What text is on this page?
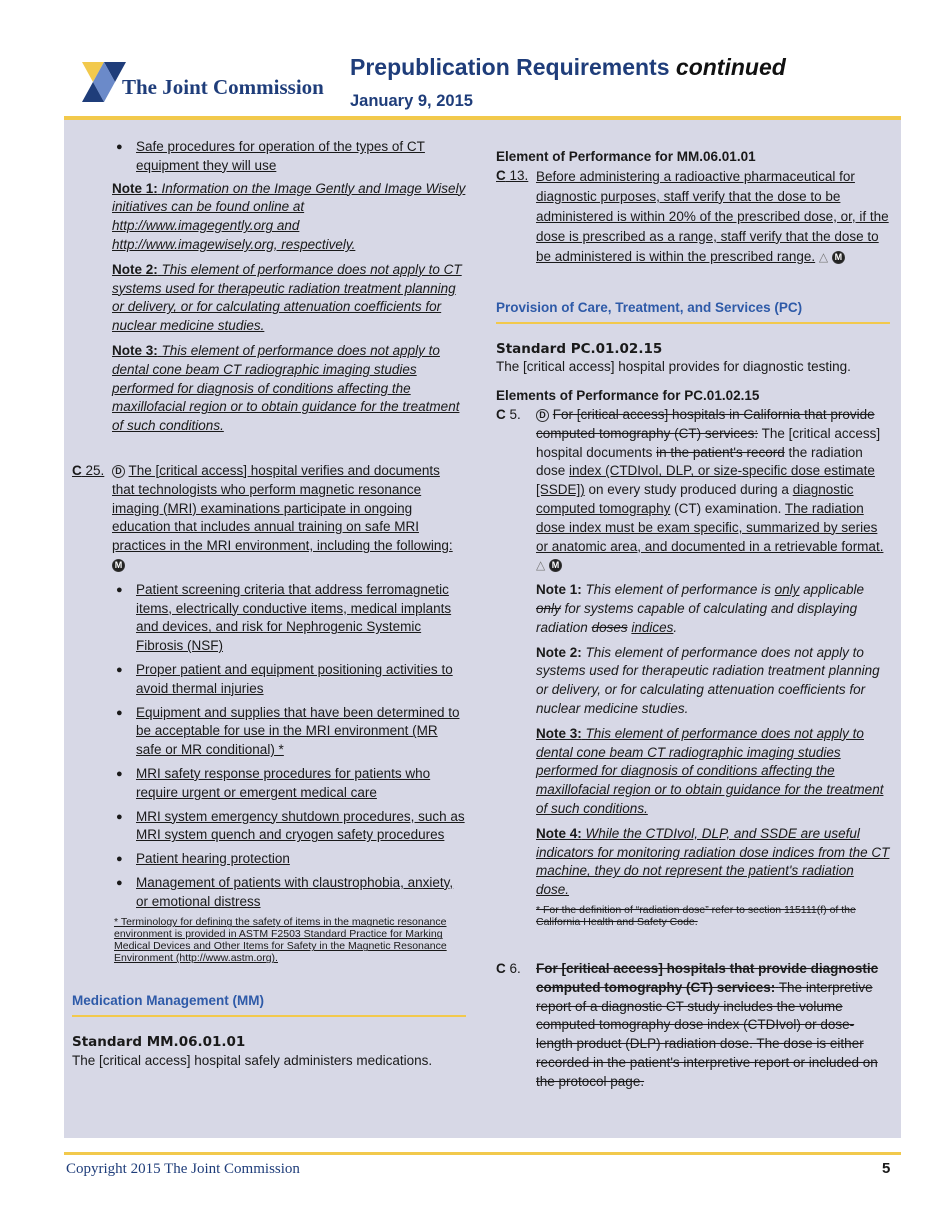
The Joint Commission
Prepublication Requirements continued
January 9, 2015
● Safe procedures for operation of the types of CT equipment they will use
Note 1: Information on the Image Gently and Image Wisely initiatives can be found online at http://www.imagegently.org and http://www.imagewisely.org, respectively.
Note 2: This element of performance does not apply to CT systems used for therapeutic radiation treatment planning or delivery, or for calculating attenuation coefficients for nuclear medicine studies.
Note 3: This element of performance does not apply to dental cone beam CT radiographic imaging studies performed for diagnosis of conditions affecting the maxillofacial region or to obtain guidance for the treatment of such conditions.
C 25. D The [critical access] hospital verifies and documents that technologists who perform magnetic resonance imaging (MRI) examinations participate in ongoing education that includes annual training on safe MRI practices in the MRI environment, including the following: M
● Patient screening criteria that address ferromagnetic items, electrically conductive items, medical implants and devices, and risk for Nephrogenic Systemic Fibrosis (NSF)
● Proper patient and equipment positioning activities to avoid thermal injuries
● Equipment and supplies that have been determined to be acceptable for use in the MRI environment (MR safe or MR conditional) *
● MRI safety response procedures for patients who require urgent or emergent medical care
● MRI system emergency shutdown procedures, such as MRI system quench and cryogen safety procedures
● Patient hearing protection
● Management of patients with claustrophobia, anxiety, or emotional distress
* Terminology for defining the safety of items in the magnetic resonance environment is provided in ASTM F2503 Standard Practice for Marking Medical Devices and Other Items for Safety in the Magnetic Resonance Environment (http://www.astm.org).
Medication Management (MM)
Standard MM.06.01.01
The [critical access] hospital safely administers medications.
Element of Performance for MM.06.01.01
C 13. Before administering a radioactive pharmaceutical for diagnostic purposes, staff verify that the dose to be administered is within 20% of the prescribed dose, or, if the dose is prescribed as a range, staff verify that the dose to be administered is within the prescribed range. △ M
Provision of Care, Treatment, and Services (PC)
Standard PC.01.02.15
The [critical access] hospital provides for diagnostic testing.
Elements of Performance for PC.01.02.15
C 5. D For [critical access] hospitals in California that provide computed tomography (CT) services: The [critical access] hospital documents in the patient's record the radiation dose index (CTDIvol, DLP, or size-specific dose estimate [SSDE]) on every study produced during a diagnostic computed tomography (CT) examination. The radiation dose index must be exam specific, summarized by series or anatomic area, and documented in a retrievable format. △ M
Note 1: This element of performance is only applicable only for systems capable of calculating and displaying radiation doses indices.
Note 2: This element of performance does not apply to systems used for therapeutic radiation treatment planning or delivery, or for calculating attenuation coefficients for nuclear medicine studies.
Note 3: This element of performance does not apply to dental cone beam CT radiographic imaging studies performed for diagnosis of conditions affecting the maxillofacial region or to obtain guidance for the treatment of such conditions.
Note 4: While the CTDIvol, DLP, and SSDE are useful indicators for monitoring radiation dose indices from the CT machine, they do not represent the patient's radiation dose.
* For the definition of “radiation dose” refer to section 115111(f) of the California Health and Safety Code.
C 6. For [critical access] hospitals that provide diagnostic computed tomography (CT) services: The interpretive report of a diagnostic CT study includes the volume computed tomography dose index (CTDIvol) or dose-length product (DLP) radiation dose. The dose is either recorded in the patient's interpretive report or included on the protocol page.
Copyright 2015 The Joint Commission	5
